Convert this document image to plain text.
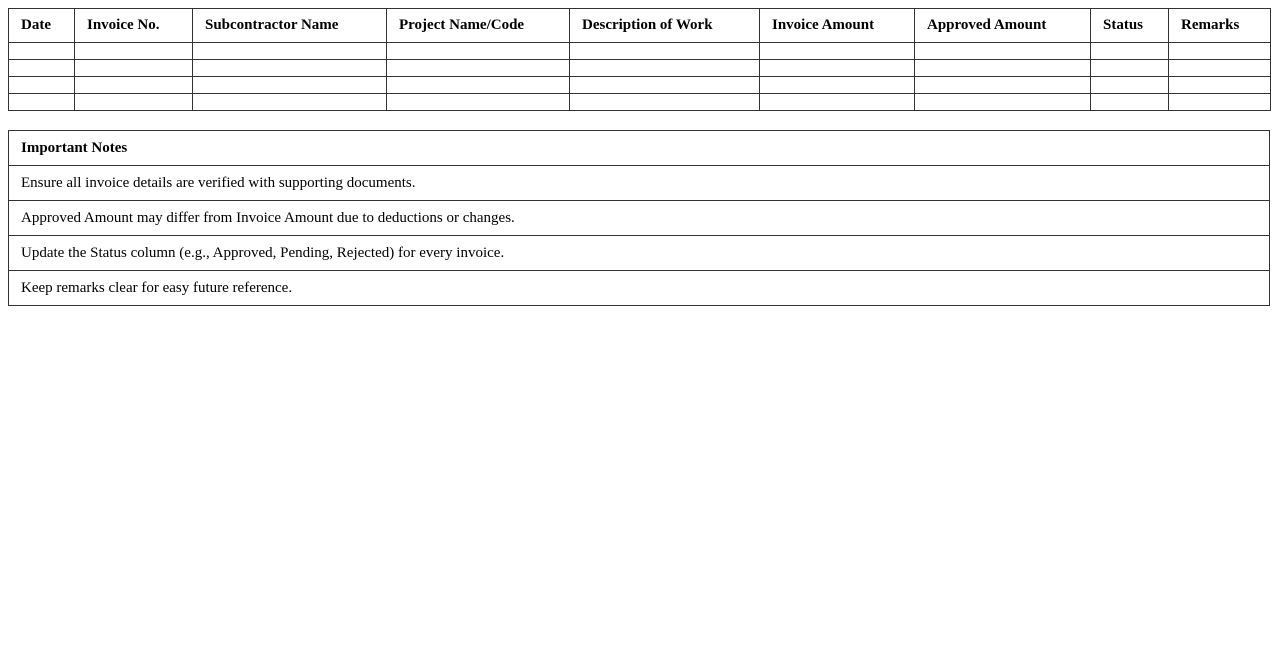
Date	Invoice No.	Subcontractor Name	Project Name/Code	Description of Work	Invoice Amount	Approved Amount	Status	Remarks

Important Notes
Ensure all invoice details are verified with supporting documents.
Approved Amount may differ from Invoice Amount due to deductions or changes.
Update the Status column (e.g., Approved, Pending, Rejected) for every invoice.
Keep remarks clear for easy future reference.
